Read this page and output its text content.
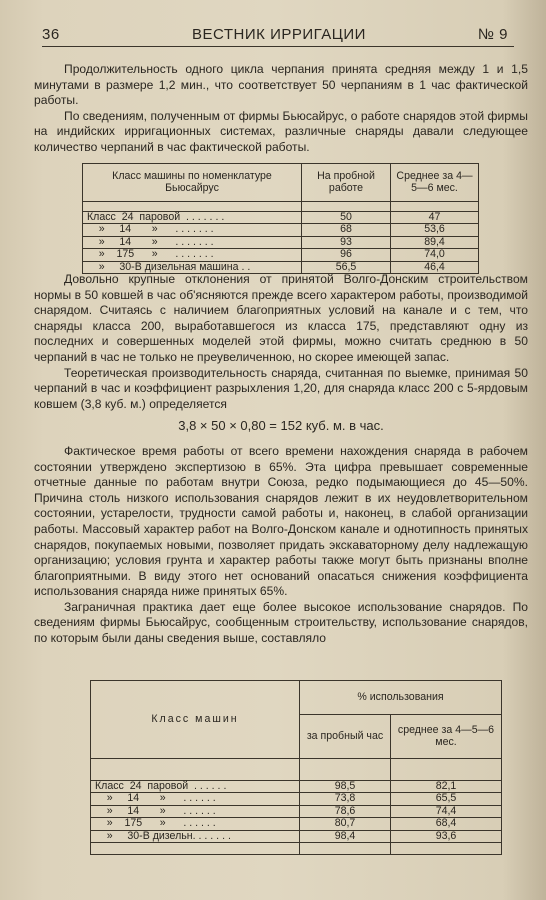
36	ВЕСТНИК ИРРИГАЦИИ	№ 9

Продолжительность одного цикла черпания принята средняя между 1 и 1,5 минутами в размере 1,2 мин., что соответствует 50 черпаниям в 1 час фактической работы.

По сведениям, полученным от фирмы Бьюсайрус, о работе снарядов этой фирмы на индийских ирригационных системах, различные снаряды давали следующее количество черпаний в час фактической работы.

Класс машины по номенклатуре Бьюсайрус	На пробной работе	Среднее за 4—5—6 мес.

Класс  24  паровой  . . . . . . .	50	47
»     14       »      . . . . . . .	68	53,6
»     14       »      . . . . . . .	93	89,4
»    175      »      . . . . . . .	96	74,0
»     30-В дизельная машина . .	56,5	46,4

Довольно крупные отклонения от принятой Волго-Донским строительством нормы в 50 ковшей в час об'ясняются прежде всего характером работы, производимой снарядом. Считаясь с наличием благоприятных условий на канале и с тем, что снаряды класса 200, выработавшегося из класса 175, представляют одну из последних и совершенных моделей этой фирмы, можно считать среднюю в 50 черпаний в час не только не преувеличенною, но скорее имеющей запас.

Теоретическая производительность снаряда, считанная по выемке, принимая 50 черпаний в час и коэффициент разрыхления 1,20, для снаряда класс 200 с 5-ярдовым ковшем (3,8 куб. м.) определяется

3,8 × 50 × 0,80 = 152 куб. м. в час.

Фактическое время работы от всего времени нахождения снаряда в рабочем состоянии утверждено экспертизою в 65%. Эта цифра превышает современные отчетные данные по работам внутри Союза, редко подымающиеся до 45—50%. Причина столь низкого использования снарядов лежит в их неудовлетворительном состоянии, устарелости, трудности самой работы и, наконец, в слабой организации работы. Массовый характер работ на Волго-Донском канале и однотипность принятых снарядов, покупаемых новыми, позволяет придать экскаваторному делу надлежащую организацию; условия грунта и характер работы также могут быть признаны вполне благоприятными. В виду этого нет оснований опасаться снижения коэффициента использования снаряда ниже принятых 65%.

Заграничная практика дает еще более высокое использование снарядов. По сведениям фирмы Бьюсайрус, сообщенным строительству, использование снарядов, по которым были даны сведения выше, составляло

Класс машин	% использования	
	за пробный час	среднее за 4—5—6 мес.

Класс  24  паровой  . . . . . .	98,5	82,1
»     14       »      . . . . . .	73,8	65,5
»     14       »      . . . . . .	78,6	74,4
»    175      »      . . . . . .	80,7	68,4
»     30-В дизельн. . . . . . .	98,4	93,6
